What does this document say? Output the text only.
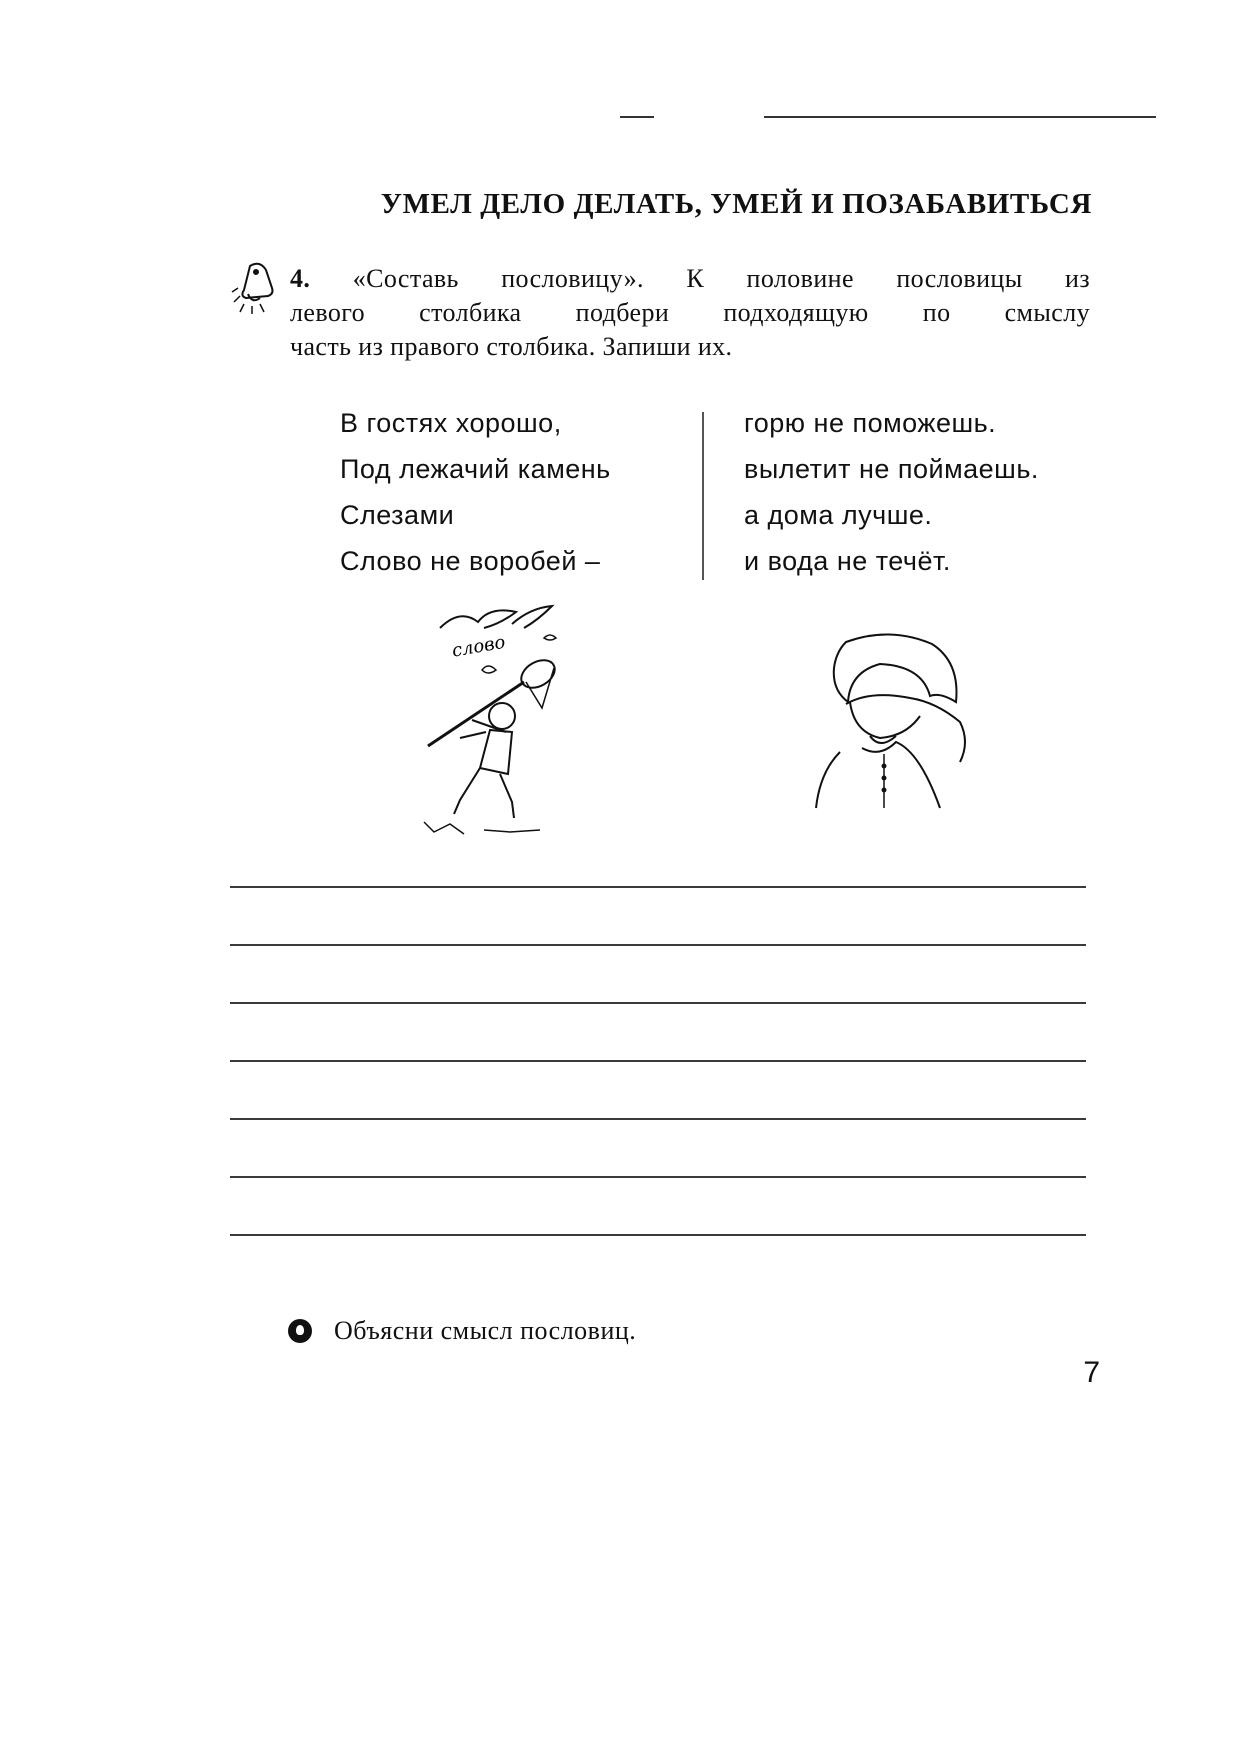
УМЕЛ ДЕЛО ДЕЛАТЬ, УМЕЙ И ПОЗАБАВИТЬСЯ
4. «Составь пословицу». К половине пословицы из
левого столбика подбери подходящую по смыслу
часть из правого столбика. Запиши их.
В гостях хорошо,
Под лежачий камень
Слезами
Слово не воробей –
горю не поможешь.
вылетит не поймаешь.
а дома лучше.
и вода не течёт.
слово
Объясни смысл пословиц.
7
